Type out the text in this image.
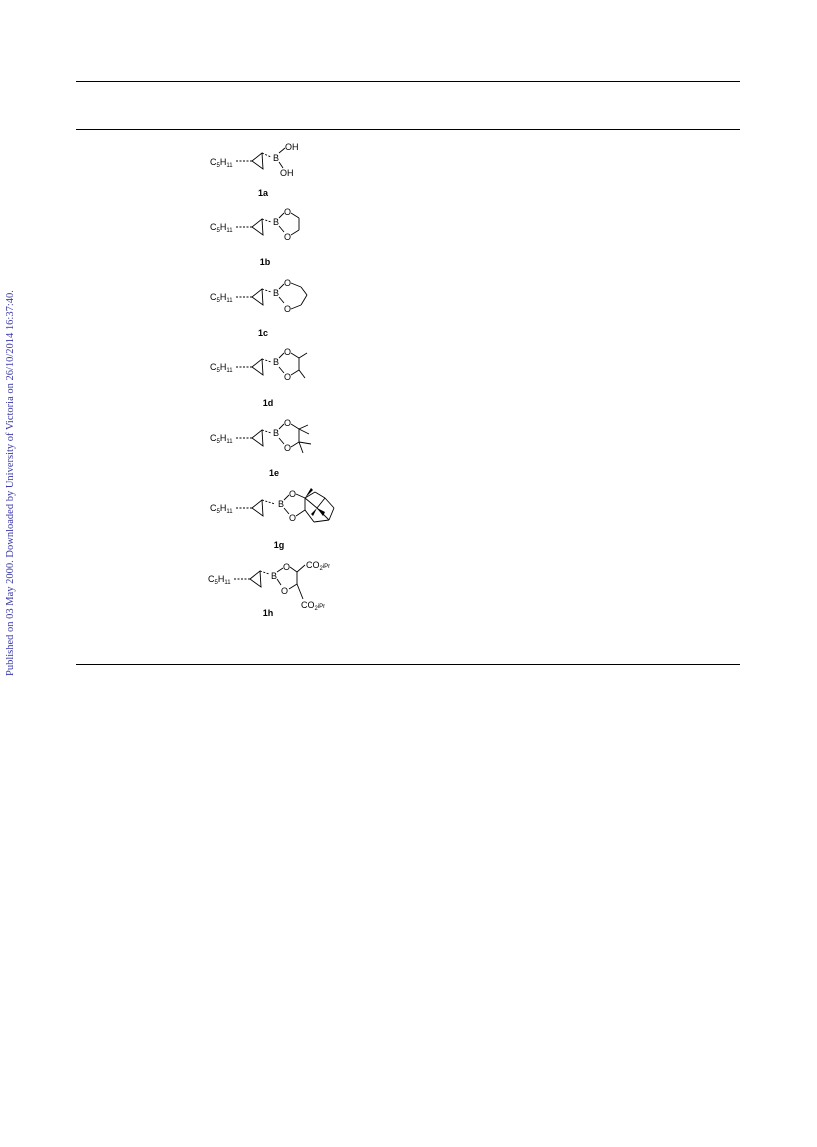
Published on 03 May 2000. Downloaded by University of Victoria on 26/10/2014 16:37:40.
$C_5H_{11}$
B
OH
OH
1a
$C_5H_{11}$
B
O
O
1b
$C_5H_{11}$
B
O
O
1c
$C_5H_{11}$
B
O
O
1d
$C_5H_{11}$
B
O
O
1e
$C_5H_{11}$
B
O
O
1g
$C_5H_{11}$
B
O
O
$CO_2^{iPr}$
$CO_2^{iPr}$
1h
